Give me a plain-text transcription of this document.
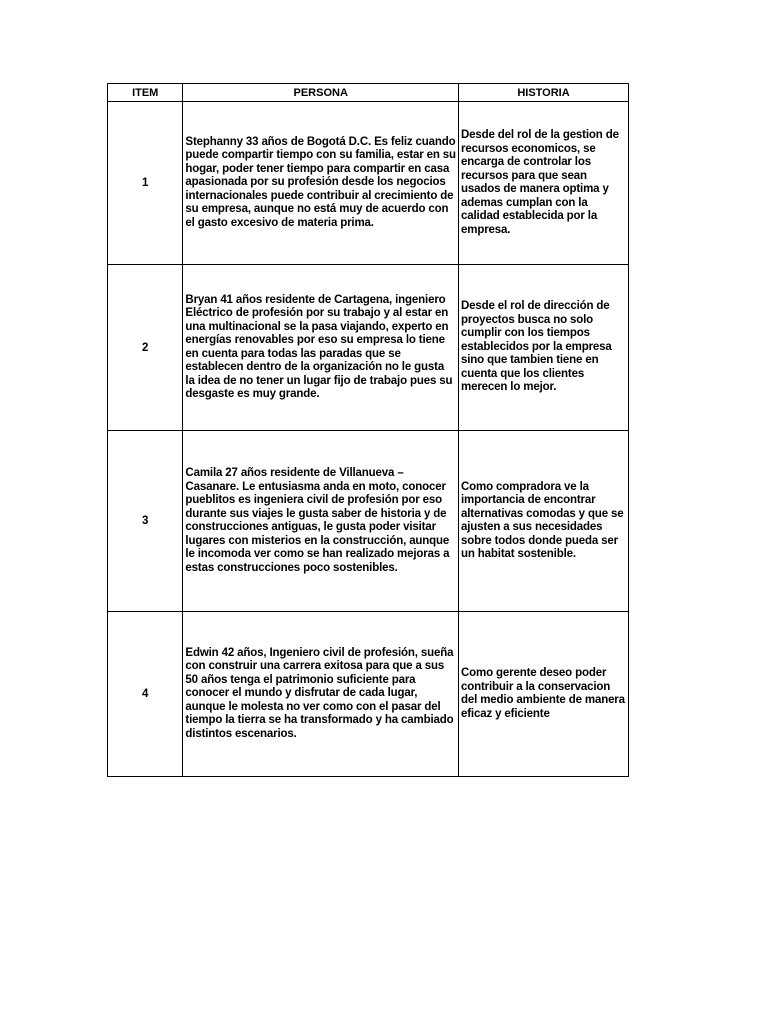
ITEM	PERSONA	HISTORIA
1	Stephanny 33 años de Bogotá D.C. Es feliz cuando puede compartir tiempo con su familia, estar en su hogar, poder tener tiempo para compartir en casa apasionada por su profesión desde los negocios internacionales puede contribuir al crecimiento de su empresa, aunque no está muy de acuerdo con el gasto excesivo de materia prima.	Desde del rol de la gestion de recursos economicos, se encarga de controlar los recursos para que sean usados de manera optima y ademas cumplan con la calidad establecida por la empresa.
2	Bryan 41 años residente de Cartagena, ingeniero Eléctrico de profesión por su trabajo y al estar en una multinacional se la pasa viajando, experto en energías renovables por eso su empresa lo tiene en cuenta para todas las paradas que se establecen dentro de la organización no le gusta la idea de no tener un lugar fijo de trabajo pues su desgaste es muy grande.	Desde el rol de dirección de proyectos busca no solo cumplir con los tiempos establecidos por la empresa sino que tambien tiene en cuenta que los clientes merecen lo mejor.
3	Camila 27 años residente de Villanueva – Casanare. Le entusiasma anda en moto, conocer pueblitos es ingeniera civil de profesión por eso durante sus viajes le gusta saber de historia y de construcciones antiguas, le gusta poder visitar lugares con misterios en la construcción, aunque le incomoda ver como se han realizado mejoras a estas construcciones poco sostenibles.	Como compradora ve la importancia de encontrar alternativas comodas y que se ajusten a sus necesidades sobre todos donde pueda ser un habitat sostenible.
4	Edwin 42 años, Ingeniero civil de profesión, sueña con construir una carrera exitosa para que a sus 50 años tenga el patrimonio suficiente para conocer el mundo y disfrutar de cada lugar, aunque le molesta no ver como con el pasar del tiempo la tierra se ha transformado y ha cambiado distintos escenarios.	Como gerente deseo poder contribuir a la conservacion del medio ambiente de manera eficaz y eficiente
